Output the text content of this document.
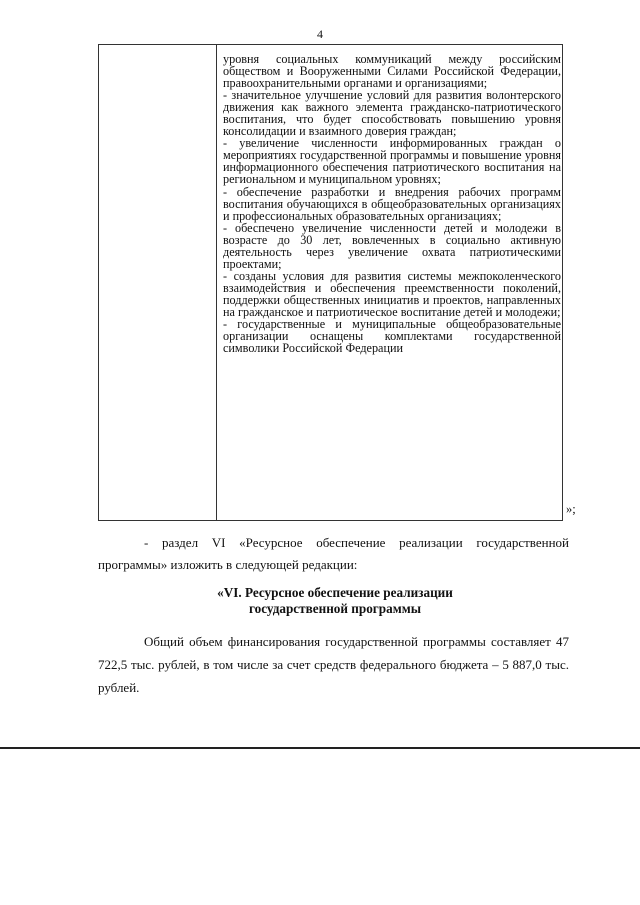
4

уровня социальных коммуникаций между российским обществом и Вооруженными Силами Российской Федерации, правоохранительными органами и организациями;

- значительное улучшение условий для развития волонтерского движения как важного элемента гражданско-патриотического воспитания, что будет способствовать повышению уровня консолидации и взаимного доверия граждан;

- увеличение численности информированных граждан о мероприятиях государственной программы и повышение уровня информационного обеспечения патриотического воспитания на региональном и муниципальном уровнях;

- обеспечение разработки и внедрения рабочих программ воспитания обучающихся в общеобразовательных организациях и профессиональных образовательных организациях;

- обеспечено увеличение численности детей и молодежи в возрасте до 30 лет, вовлеченных в социально активную деятельность через увеличение охвата патриотическими проектами;

- созданы условия для развития системы межпоколенческого взаимодействия и обеспечения преемственности поколений, поддержки общественных инициатив и проектов, направленных на гражданское и патриотическое воспитание детей и молодежи;

- государственные и муниципальные общеобразовательные организации оснащены комплектами государственной символики Российской Федерации

»;
- раздел VI «Ресурсное обеспечение реализации государственной программы» изложить в следующей редакции:
«VI. Ресурсное обеспечение реализации
государственной программы
Общий объем финансирования государственной программы составляет 47 722,5 тыс. рублей, в том числе за счет средств федерального бюджета – 5 887,0 тыс. рублей.
